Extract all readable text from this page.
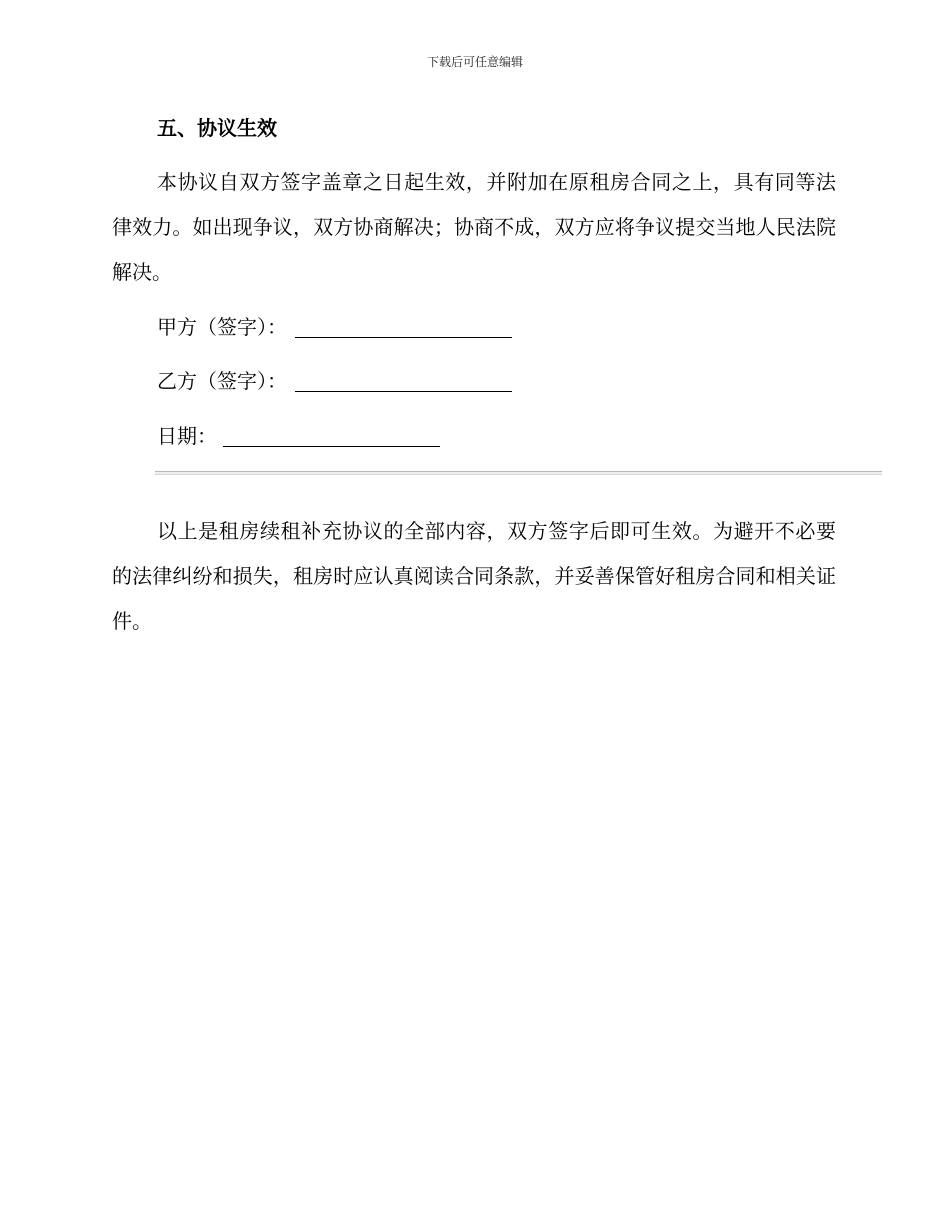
下载后可任意编辑
五、协议生效

本协议自双方签字盖章之日起生效，并附加在原租房合同之上，具有同等法律效力。如出现争议，双方协商解决；协商不成，双方应将争议提交当地人民法院解决。

甲方（签字）：
乙方（签字）：
日期：

以上是租房续租补充协议的全部内容，双方签字后即可生效。为避开不必要的法律纠纷和损失，租房时应认真阅读合同条款，并妥善保管好租房合同和相关证件。
